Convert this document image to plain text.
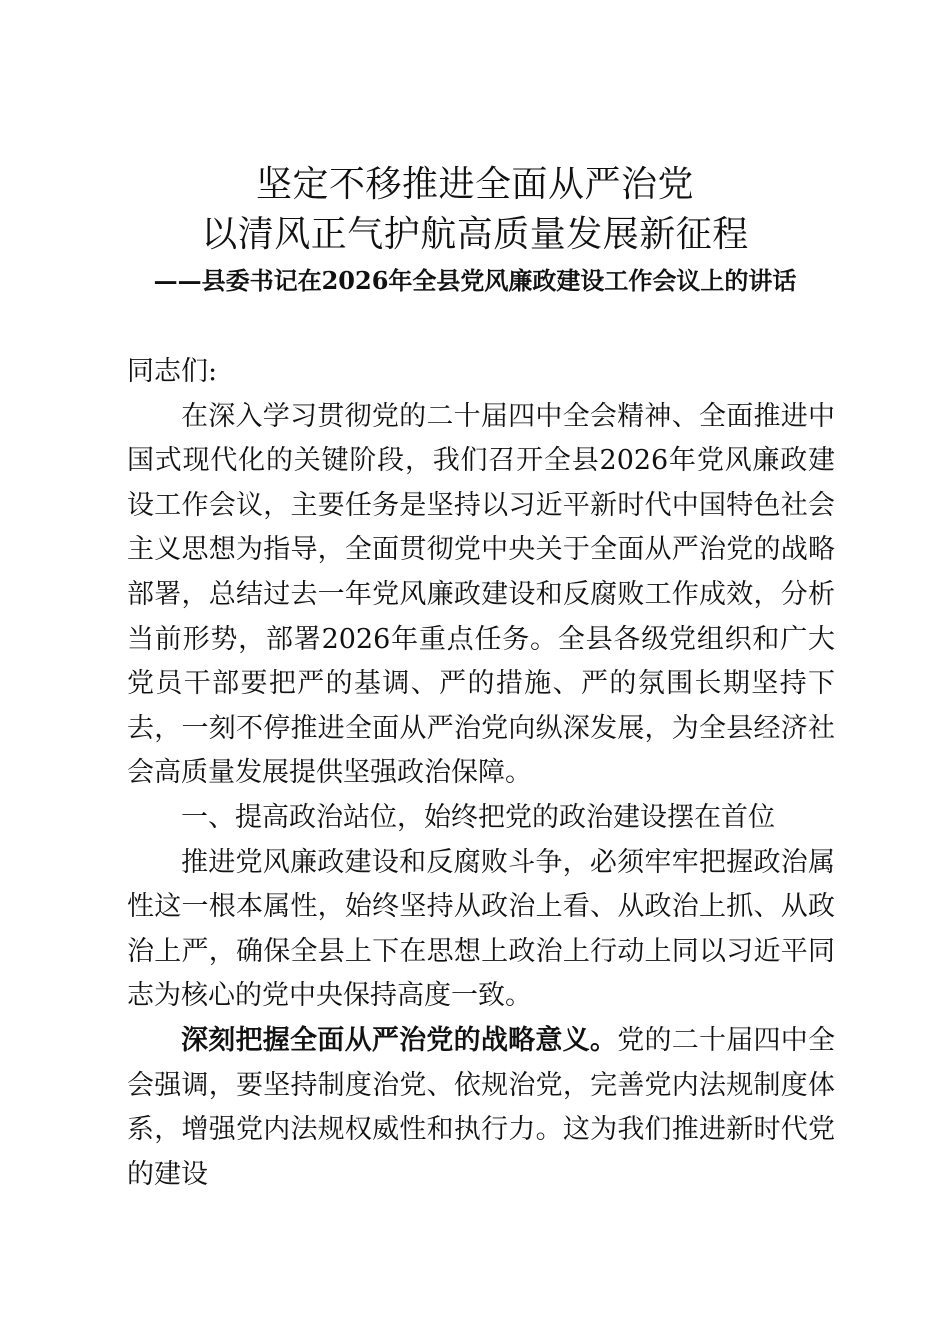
坚定不移推进全面从严治党
以清风正气护航高质量发展新征程
——县委书记在2026年全县党风廉政建设工作会议上的讲话

同志们:

在深入学习贯彻党的二十届四中全会精神、全面推进中国式现代化的关键阶段，我们召开全县2026年党风廉政建设工作会议，主要任务是坚持以习近平新时代中国特色社会主义思想为指导，全面贯彻党中央关于全面从严治党的战略部署，总结过去一年党风廉政建设和反腐败工作成效，分析当前形势，部署2026年重点任务。全县各级党组织和广大党员干部要把严的基调、严的措施、严的氛围长期坚持下去，一刻不停推进全面从严治党向纵深发展，为全县经济社会高质量发展提供坚强政治保障。

一、提高政治站位，始终把党的政治建设摆在首位

推进党风廉政建设和反腐败斗争，必须牢牢把握政治属性这一根本属性，始终坚持从政治上看、从政治上抓、从政治上严，确保全县上下在思想上政治上行动上同以习近平同志为核心的党中央保持高度一致。

深刻把握全面从严治党的战略意义。党的二十届四中全会强调，要坚持制度治党、依规治党，完善党内法规制度体系，增强党内法规权威性和执行力。这为我们推进新时代党的建设
